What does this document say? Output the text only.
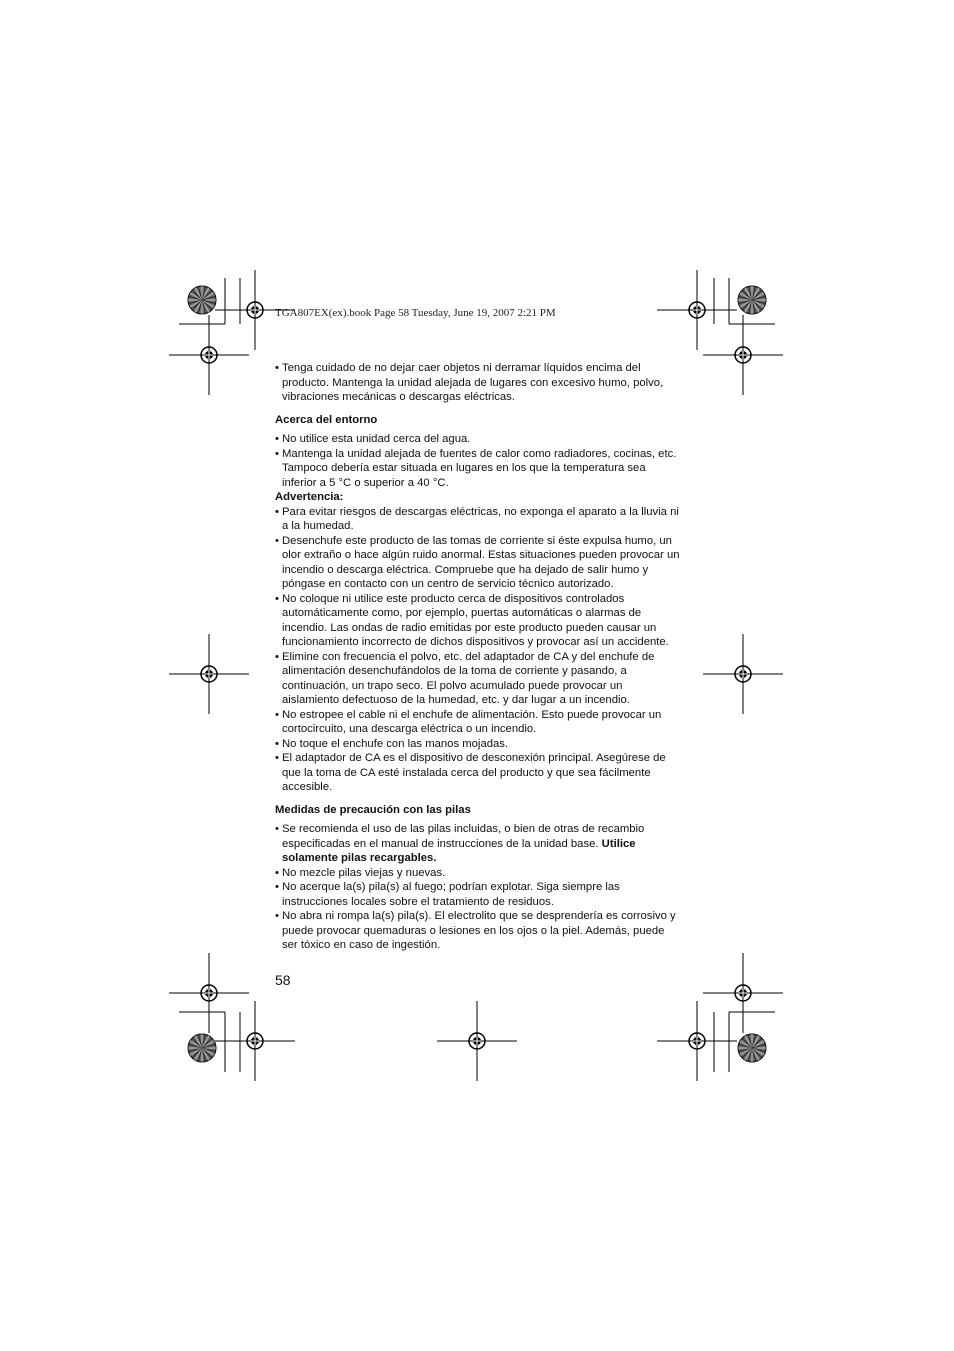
TGA807EX(ex).book Page 58 Tuesday, June 19, 2007 2:21 PM

• Tenga cuidado de no dejar caer objetos ni derramar líquidos encima del producto. Mantenga la unidad alejada de lugares con excesivo humo, polvo, vibraciones mecánicas o descargas eléctricas.

Acerca del entorno

• No utilice esta unidad cerca del agua.

• Mantenga la unidad alejada de fuentes de calor como radiadores, cocinas, etc. Tampoco debería estar situada en lugares en los que la temperatura sea inferior a 5 °C o superior a 40 °C.

Advertencia:

• Para evitar riesgos de descargas eléctricas, no exponga el aparato a la lluvia ni a la humedad.

• Desenchufe este producto de las tomas de corriente si éste expulsa humo, un olor extraño o hace algún ruido anormal. Estas situaciones pueden provocar un incendio o descarga eléctrica. Compruebe que ha dejado de salir humo y póngase en contacto con un centro de servicio técnico autorizado.

• No coloque ni utilice este producto cerca de dispositivos controlados automáticamente como, por ejemplo, puertas automáticas o alarmas de incendio. Las ondas de radio emitidas por este producto pueden causar un funcionamiento incorrecto de dichos dispositivos y provocar así un accidente.

• Elimine con frecuencia el polvo, etc. del adaptador de CA y del enchufe de alimentación desenchufándolos de la toma de corriente y pasando, a continuación, un trapo seco. El polvo acumulado puede provocar un aislamiento defectuoso de la humedad, etc. y dar lugar a un incendio.

• No estropee el cable ni el enchufe de alimentación. Esto puede provocar un cortocircuito, una descarga eléctrica o un incendio.

• No toque el enchufe con las manos mojadas.

• El adaptador de CA es el dispositivo de desconexión principal. Asegúrese de que la toma de CA esté instalada cerca del producto y que sea fácilmente accesible.

Medidas de precaución con las pilas

• Se recomienda el uso de las pilas incluidas, o bien de otras de recambio especificadas en el manual de instrucciones de la unidad base. Utilice solamente pilas recargables.

• No mezcle pilas viejas y nuevas.

• No acerque la(s) pila(s) al fuego; podrían explotar. Siga siempre las instrucciones locales sobre el tratamiento de residuos.

• No abra ni rompa la(s) pila(s). El electrolito que se desprendería es corrosivo y puede provocar quemaduras o lesiones en los ojos o la piel. Además, puede ser tóxico en caso de ingestión.

58
